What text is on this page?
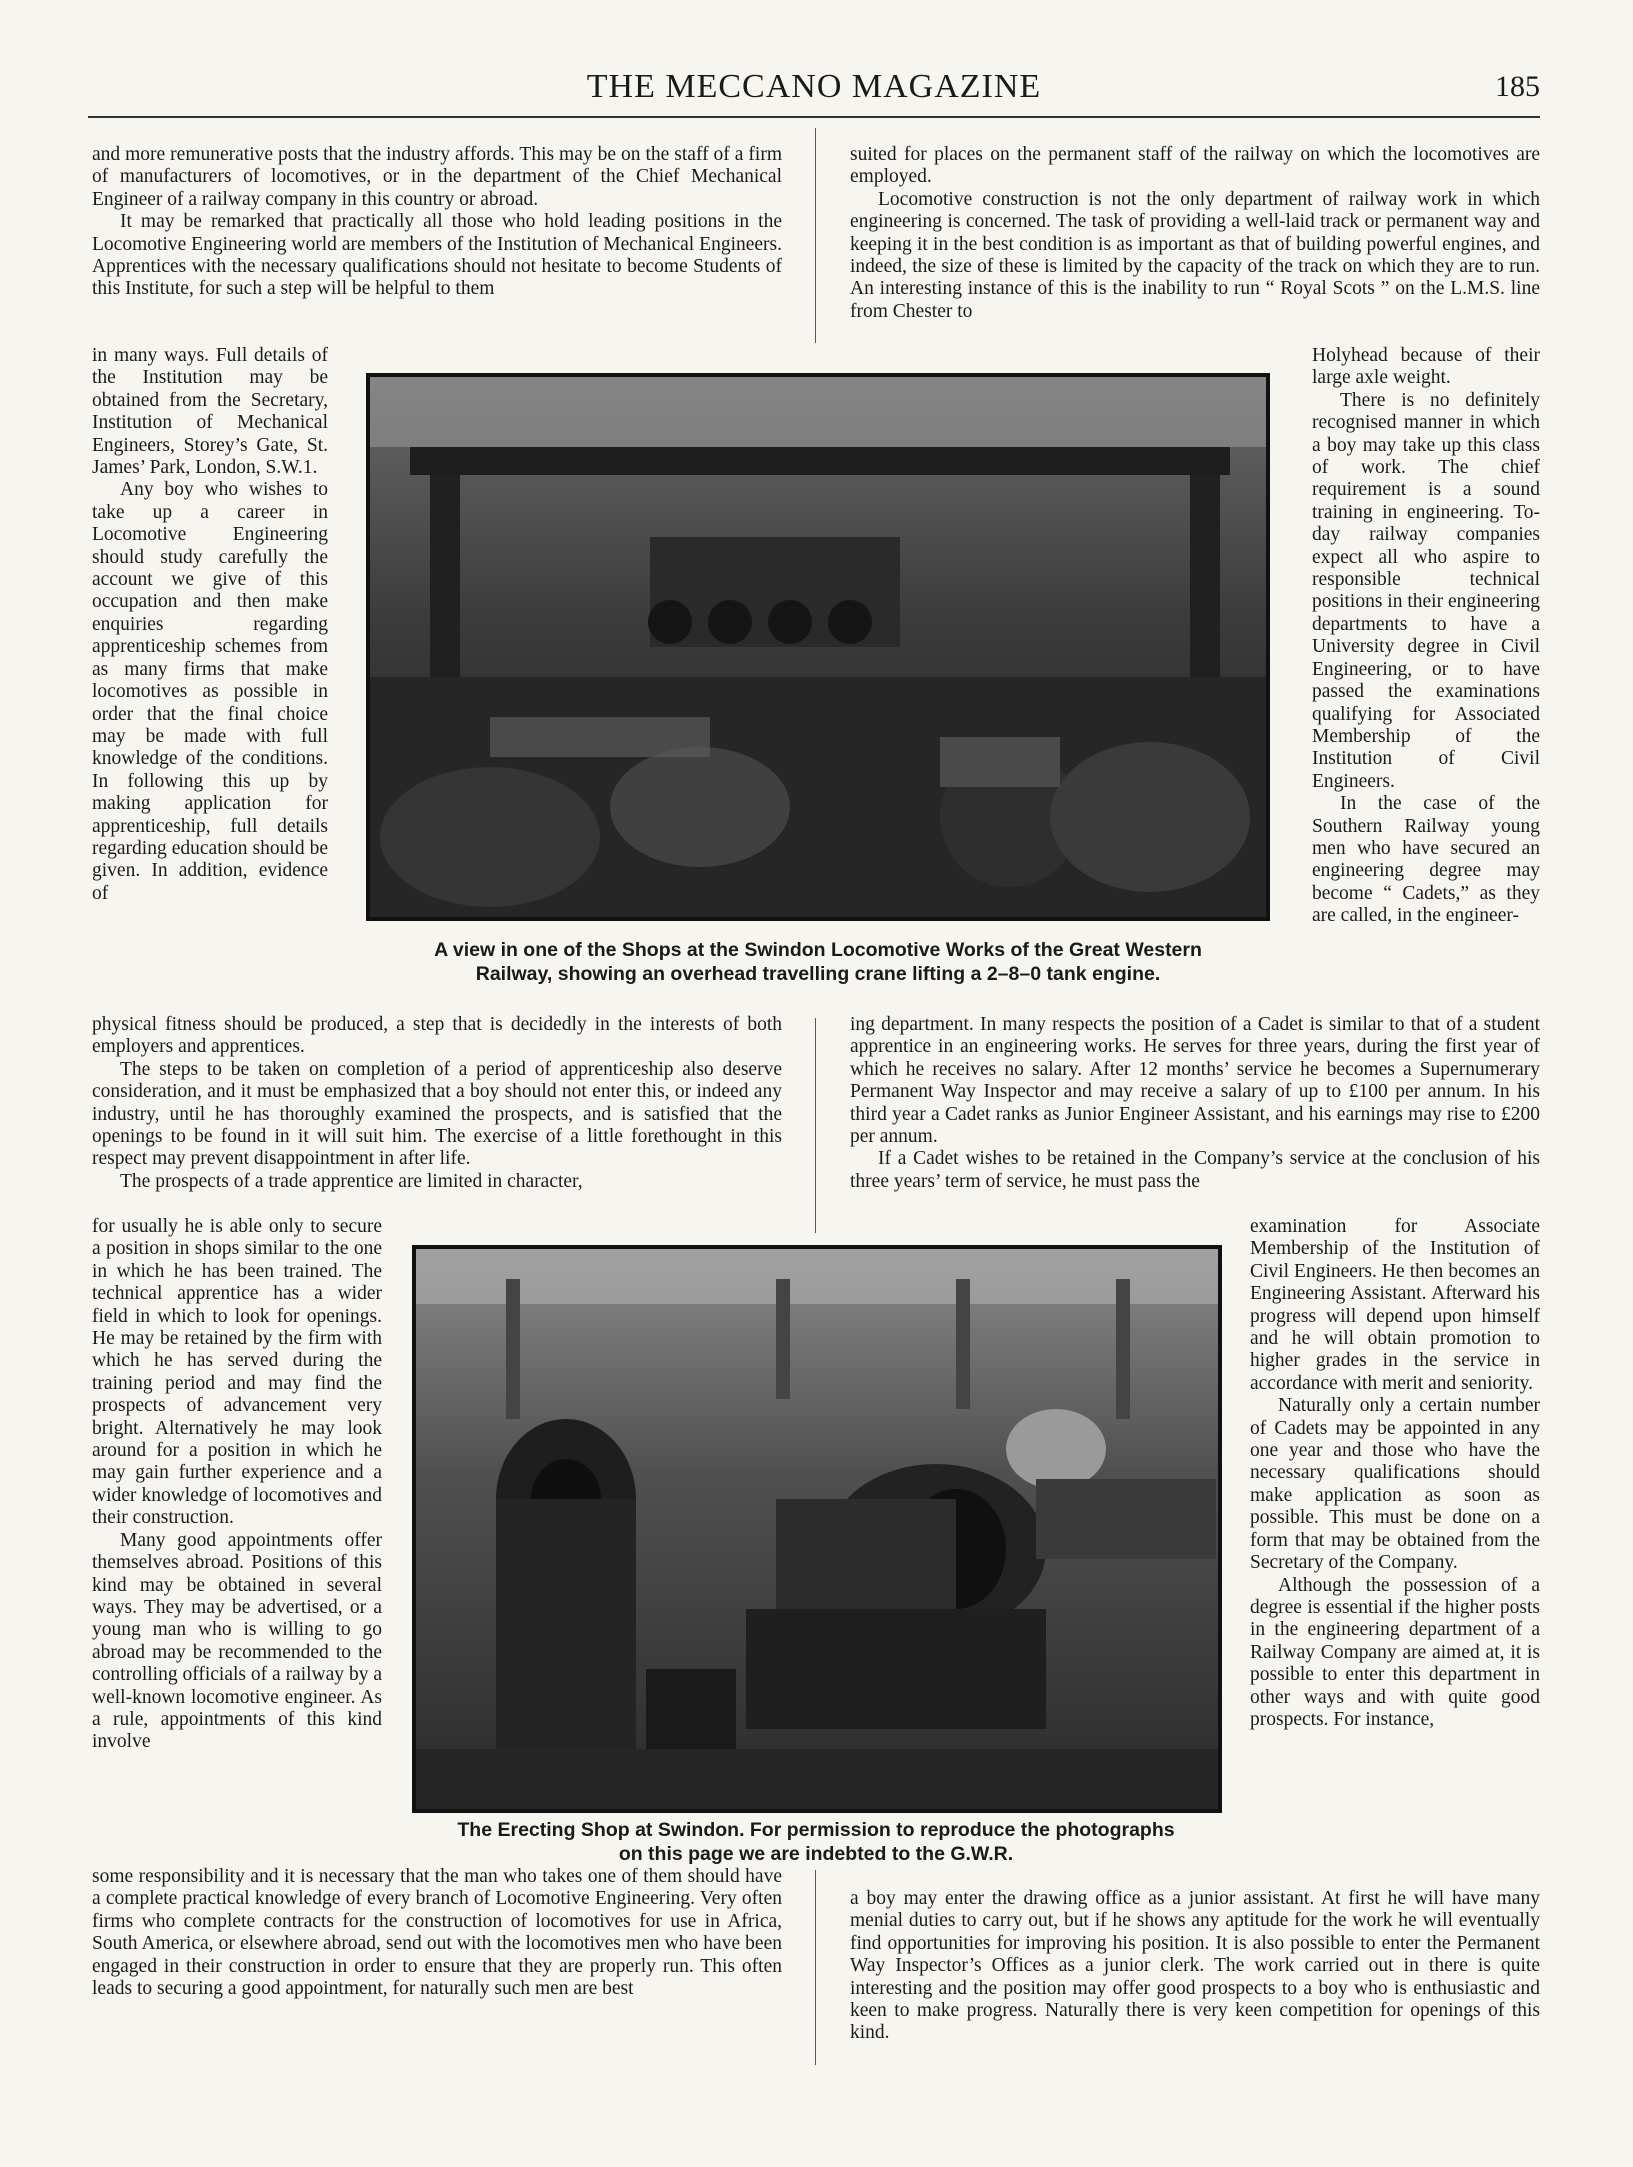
THE MECCANO MAGAZINE	185

and more remunerative posts that the industry affords. This may be on the staff of a firm of manufacturers of locomotives, or in the department of the Chief Mechanical Engineer of a railway company in this country or abroad.

It may be remarked that practically all those who hold leading positions in the Locomotive Engineering world are members of the Institution of Mechanical Engineers. Apprentices with the necessary qualifications should not hesitate to become Students of this Institute, for such a step will be helpful to them

in many ways. Full details of the Institution may be obtained from the Secretary, Institution of Mechanical Engineers, Storey’s Gate, St. James’ Park, London, S.W.1.

Any boy who wishes to take up a career in Locomotive Engineering should study carefully the account we give of this occupation and then make enquiries regarding apprenticeship schemes from as many firms that make locomotives as possible in order that the final choice may be made with full knowledge of the conditions. In following this up by making application for apprenticeship, full details regarding education should be given. In addition, evidence of

physical fitness should be produced, a step that is decidedly in the interests of both employers and apprentices.

The steps to be taken on completion of a period of apprenticeship also deserve consideration, and it must be emphasized that a boy should not enter this, or indeed any industry, until he has thoroughly examined the prospects, and is satisfied that the openings to be found in it will suit him. The exercise of a little forethought in this respect may prevent disappointment in after life.

The prospects of a trade apprentice are limited in character,

for usually he is able only to secure a position in shops similar to the one in which he has been trained. The technical apprentice has a wider field in which to look for openings. He may be retained by the firm with which he has served during the training period and may find the prospects of advancement very bright. Alternatively he may look around for a position in which he may gain further experience and a wider knowledge of locomotives and their construction.

Many good appointments offer themselves abroad. Positions of this kind may be obtained in several ways. They may be advertised, or a young man who is willing to go abroad may be recommended to the controlling officials of a railway by a well-known locomotive engineer. As a rule, appointments of this kind involve

some responsibility and it is necessary that the man who takes one of them should have a complete practical knowledge of every branch of Locomotive Engineering. Very often firms who complete contracts for the construction of locomotives for use in Africa, South America, or elsewhere abroad, send out with the locomotives men who have been engaged in their construction in order to ensure that they are properly run. This often leads to securing a good appointment, for naturally such men are best

suited for places on the permanent staff of the railway on which the locomotives are employed.

Locomotive construction is not the only department of railway work in which engineering is concerned. The task of providing a well-laid track or permanent way and keeping it in the best condition is as important as that of building powerful engines, and indeed, the size of these is limited by the capacity of the track on which they are to run. An interesting instance of this is the inability to run “ Royal Scots ” on the L.M.S. line from Chester to

Holyhead because of their large axle weight.

There is no definitely recognised manner in which a boy may take up this class of work. The chief requirement is a sound training in engineering. To-day railway companies expect all who aspire to responsible technical positions in their engineering departments to have a University degree in Civil Engineering, or to have passed the examinations qualifying for Associated Membership of the Institution of Civil Engineers.

In the case of the Southern Railway young men who have secured an engineering degree may become “ Cadets,” as they are called, in the engineer-

ing department. In many respects the position of a Cadet is similar to that of a student apprentice in an engineering works. He serves for three years, during the first year of which he receives no salary. After 12 months’ service he becomes a Supernumerary Permanent Way Inspector and may receive a salary of up to £100 per annum. In his third year a Cadet ranks as Junior Engineer Assistant, and his earnings may rise to £200 per annum.

If a Cadet wishes to be retained in the Company’s service at the conclusion of his three years’ term of service, he must pass the

examination for Associate Membership of the Institution of Civil Engineers. He then becomes an Engineering Assistant. Afterward his progress will depend upon himself and he will obtain promotion to higher grades in the service in accordance with merit and seniority.

Naturally only a certain number of Cadets may be appointed in any one year and those who have the necessary qualifications should make application as soon as possible. This must be done on a form that may be obtained from the Secretary of the Company.

Although the possession of a degree is essential if the higher posts in the engineering department of a Railway Company are aimed at, it is possible to enter this department in other ways and with quite good prospects. For instance,

a boy may enter the drawing office as a junior assistant. At first he will have many menial duties to carry out, but if he shows any aptitude for the work he will eventually find opportunities for improving his position. It is also possible to enter the Permanent Way Inspector’s Offices as a junior clerk. The work carried out in there is quite interesting and the position may offer good prospects to a boy who is enthusiastic and keen to make progress. Naturally there is very keen competition for openings of this kind.

A view in one of the Shops at the Swindon Locomotive Works of the Great Western
Railway, showing an overhead travelling crane lifting a 2–8–0 tank engine.
The Erecting Shop at Swindon. For permission to reproduce the photographs
on this page we are indebted to the G.W.R.
